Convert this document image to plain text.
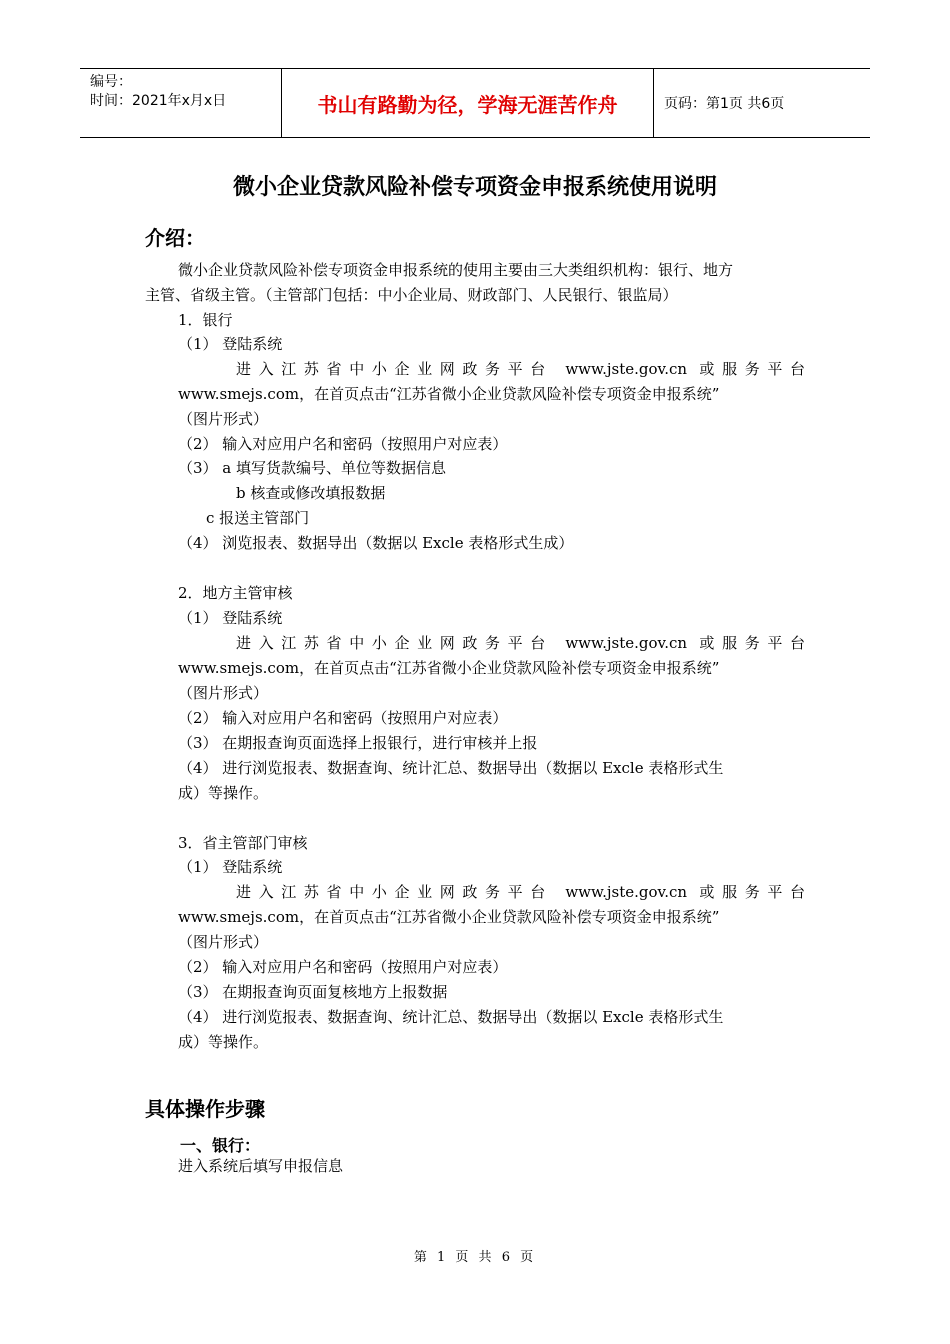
编号：
时间：2021年x月x日	书山有路勤为径，学海无涯苦作舟	页码：第1页 共6页
微小企业贷款风险补偿专项资金申报系统使用说明
介绍：
微小企业贷款风险补偿专项资金申报系统的使用主要由三大类组织机构：银行、地方
主管、省级主管。（主管部门包括：中小企业局、财政部门、人民银行、银监局）
1．银行
（1） 登陆系统
进入江苏省中小企业网政务平台 www.jste.gov.cn 或服务平台
www.smejs.com，在首页点击“江苏省微小企业贷款风险补偿专项资金申报系统”
（图片形式）
（2） 输入对应用户名和密码（按照用户对应表）
（3） a 填写货款编号、单位等数据信息
b 核查或修改填报数据
c 报送主管部门
（4） 浏览报表、数据导出（数据以 Excle 表格形式生成）
2．地方主管审核
（1） 登陆系统
进入江苏省中小企业网政务平台 www.jste.gov.cn 或服务平台
www.smejs.com，在首页点击“江苏省微小企业贷款风险补偿专项资金申报系统”
（图片形式）
（2） 输入对应用户名和密码（按照用户对应表）
（3） 在期报查询页面选择上报银行，进行审核并上报
（4） 进行浏览报表、数据查询、统计汇总、数据导出（数据以 Excle 表格形式生
成）等操作。
3．省主管部门审核
（1） 登陆系统
进入江苏省中小企业网政务平台 www.jste.gov.cn 或服务平台
www.smejs.com，在首页点击“江苏省微小企业贷款风险补偿专项资金申报系统”
（图片形式）
（2） 输入对应用户名和密码（按照用户对应表）
（3） 在期报查询页面复核地方上报数据
（4） 进行浏览报表、数据查询、统计汇总、数据导出（数据以 Excle 表格形式生
成）等操作。
具体操作步骤
一、银行：
进入系统后填写申报信息
第 1 页 共 6 页
